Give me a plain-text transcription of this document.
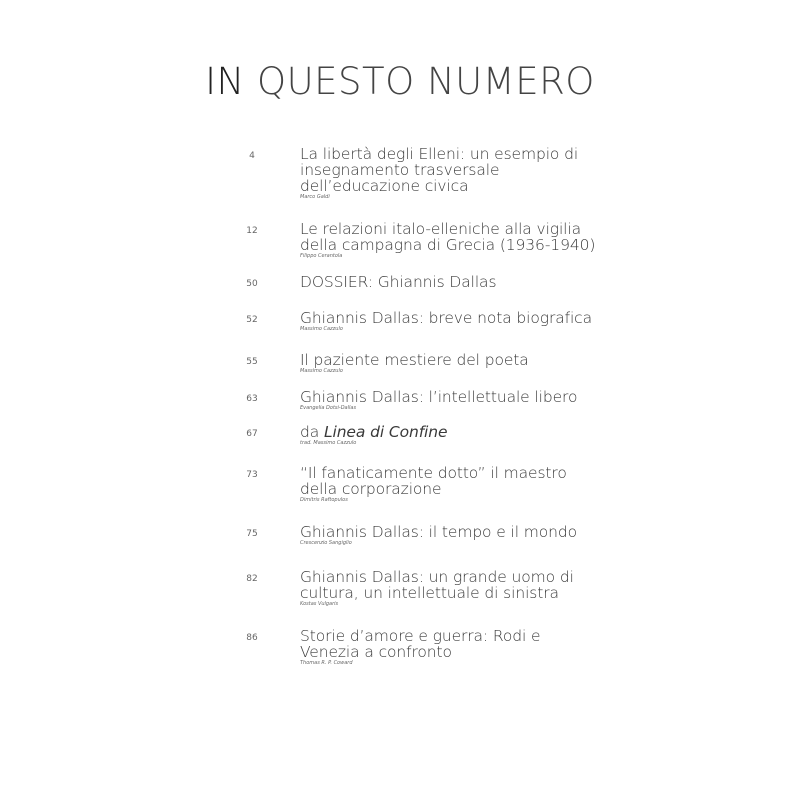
IN QUESTO NUMERO
4	La libertà degli Elleni: un esempio di insegnamento trasversale dell’educazione civica
Marco Galdi
12	Le relazioni italo-elleniche alla vigilia della campagna di Grecia (1936-1940)
Filippo Cerantola
50	DOSSIER: Ghiannis Dallas
52	Ghiannis Dallas: breve nota biografica
Massimo Cazzulo
55	Il paziente mestiere del poeta
Massimo Cazzulo
63	Ghiannis Dallas: l’intellettuale libero
Evangelia Dotsi-Dallas
67	da Linea di Confine
trad. Massimo Cazzulo
73	“Il fanaticamente dotto” il maestro della corporazione
Dimitris Raftopulos
75	Ghiannis Dallas: il tempo e il mondo
Crescenzio Sangiglio
82	Ghiannis Dallas: un grande uomo di cultura, un intellettuale di sinistra
Kostas Vulgaris
86	Storie d’amore e guerra: Rodi e Venezia a confronto
Thomas R. P. Coward
